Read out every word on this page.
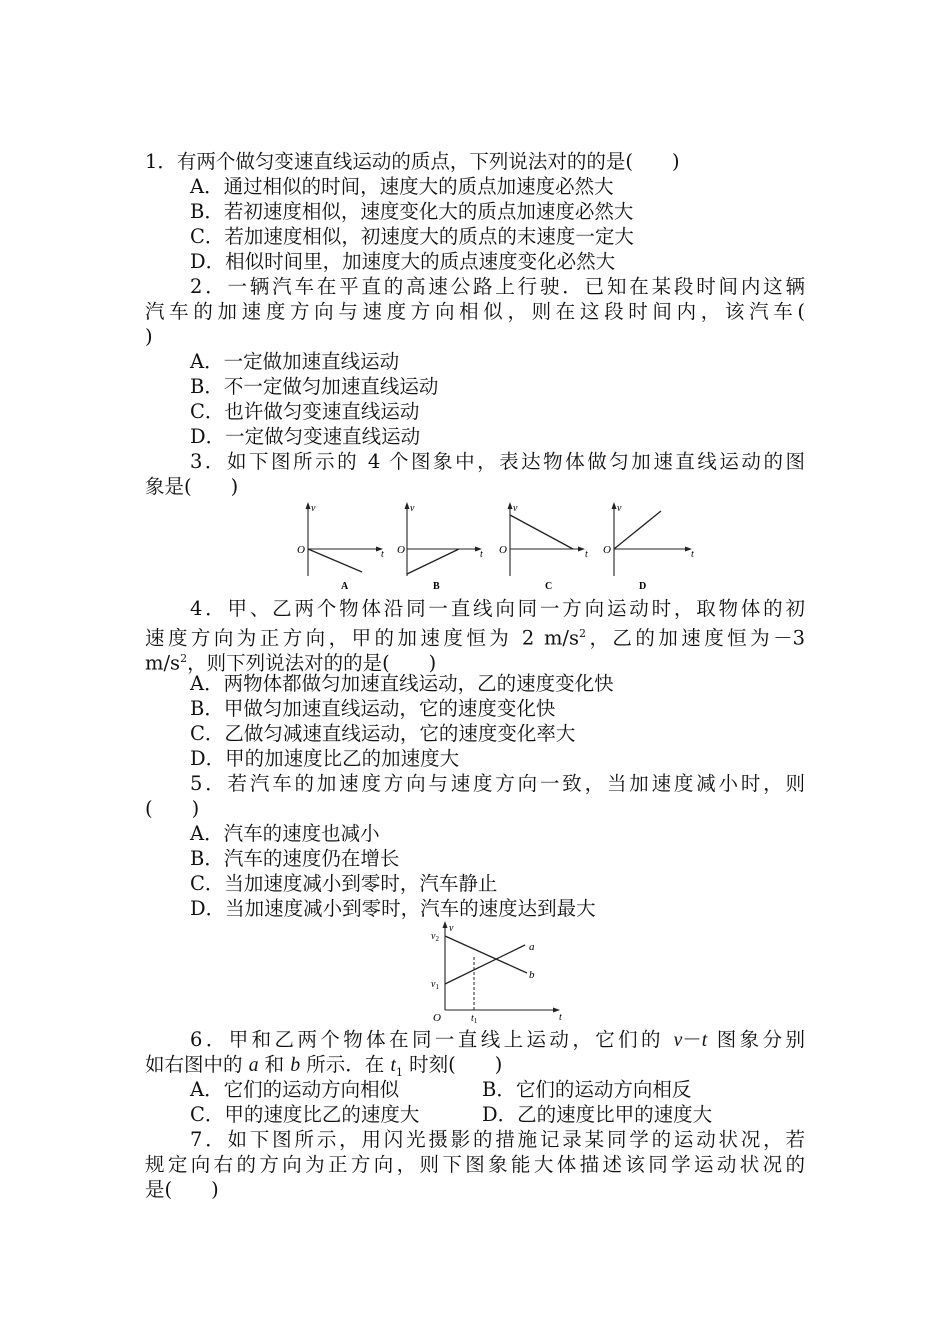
1．有两个做匀变速直线运动的质点，下列说法对的的是(　　)
A．通过相似的时间，速度大的质点加速度必然大
B．若初速度相似，速度变化大的质点加速度必然大
C．若加速度相似，初速度大的质点的末速度一定大
D．相似时间里，加速度大的质点速度变化必然大
2．一辆汽车在平直的高速公路上行驶．已知在某段时间内这辆
汽车的加速度方向与速度方向相似，则在这段时间内，该汽车(
)
A．一定做加速直线运动
B．不一定做匀加速直线运动
C．也许做匀变速直线运动
D．一定做匀变速直线运动
3．如下图所示的 4 个图象中，表达物体做匀加速直线运动的图
象是(　　)
v
O	t
A
v
O	t
B
v
O	t
C
v
O	t
D
4．甲、乙两个物体沿同一直线向同一方向运动时，取物体的初
速度方向为正方向，甲的加速度恒为 2 $m/s^2$，乙的加速度恒为－3
$m/s^2$，则下列说法对的的是(　　)
A．两物体都做匀加速直线运动，乙的速度变化快
B．甲做匀加速直线运动，它的速度变化快
C．乙做匀减速直线运动，它的速度变化率大
D．甲的加速度比乙的加速度大
5．若汽车的加速度方向与速度方向一致，当加速度减小时，则
(　　)
A．汽车的速度也减小
B．汽车的速度仍在增长
C．当加速度减小到零时，汽车静止
D．当加速度减小到零时，汽车的速度达到最大
v
$v_2$
$v_1$
a
b
O	$t_1$	t
6．甲和乙两个物体在同一直线上运动，它们的 v－t 图象分别
如右图中的 a 和 b 所示．在 $t_1$ 时刻(　　)
A．它们的运动方向相似	B．它们的运动方向相反
C．甲的速度比乙的速度大	D．乙的速度比甲的速度大
7．如下图所示，用闪光摄影的措施记录某同学的运动状况，若
规定向右的方向为正方向，则下图象能大体描述该同学运动状况的
是(　　)
